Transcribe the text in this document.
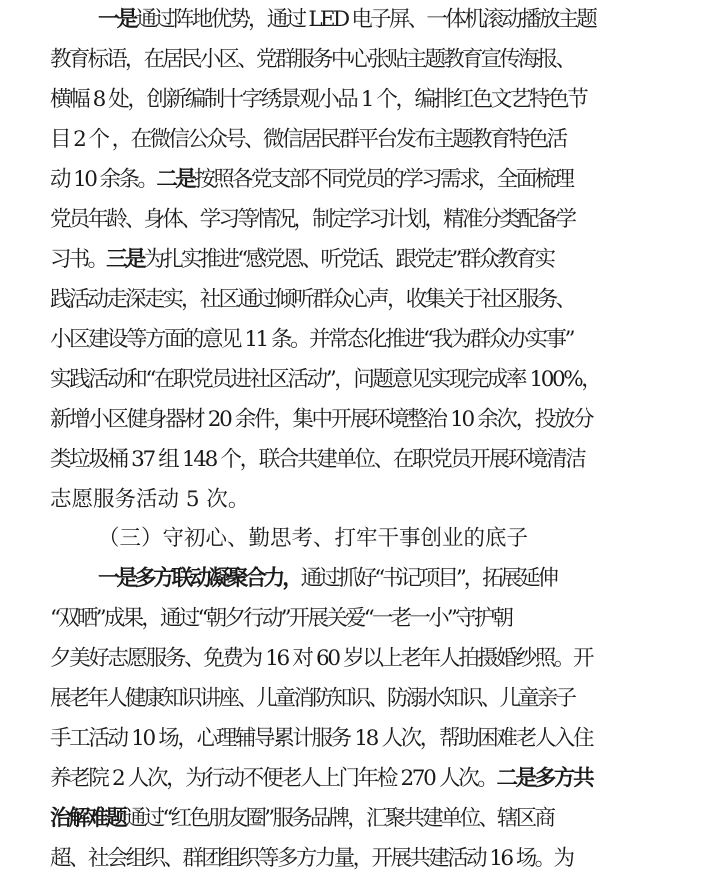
一是通过阵地优势，通过 LED 电子屏、一体机滚动播放主题
教育标语，在居民小区、党群服务中心张贴主题教育宣传海报、
横幅 8 处，创新编制十字绣景观小品 1 个，编排红色文艺特色节
目 2 个 ，在微信公众号、微信居民群平台发布主题教育特色活
动 10 余条。二是按照各党支部不同党员的学习需求，全面梳理
党员年龄、身体、学习等情况，制定学习计划，精准分类配备学
习书。三是为扎实推进“感党恩、听党话、跟党走”群众教育实
践活动走深走实，社区通过倾听群众心声，收集关于社区服务、
小区建设等方面的意见 11 条。并常态化推进“我为群众办实事”
实践活动和“在职党员进社区活动”，问题意见实现完成率 100%，
新增小区健身器材 20 余件，集中开展环境整治 10 余次，投放分
类垃圾桶 37 组 148 个，联合共建单位、在职党员开展环境清洁
志愿服务活动 5 次。
（三）守初心、勤思考、打牢干事创业的底子
一是多方联动凝聚合力，通过抓好“书记项目”，拓展延伸
“双晒”成果，通过“朝夕行动”开展关爱“一老一小”守护朝
夕美好志愿服务、免费为 16 对 60 岁以上老年人拍摄婚纱照。开
展老年人健康知识讲座、儿童消防知识、防溺水知识、儿童亲子
手工活动 10 场，心理辅导累计服务 18 人次，帮助困难老人入住
养老院 2 人次，为行动不便老人上门年检 270 人次。二是多方共
治解难题通过“红色朋友圈”服务品牌，汇聚共建单位、辖区商
超、社会组织、群团组织等多方力量，开展共建活动 16 场。为
